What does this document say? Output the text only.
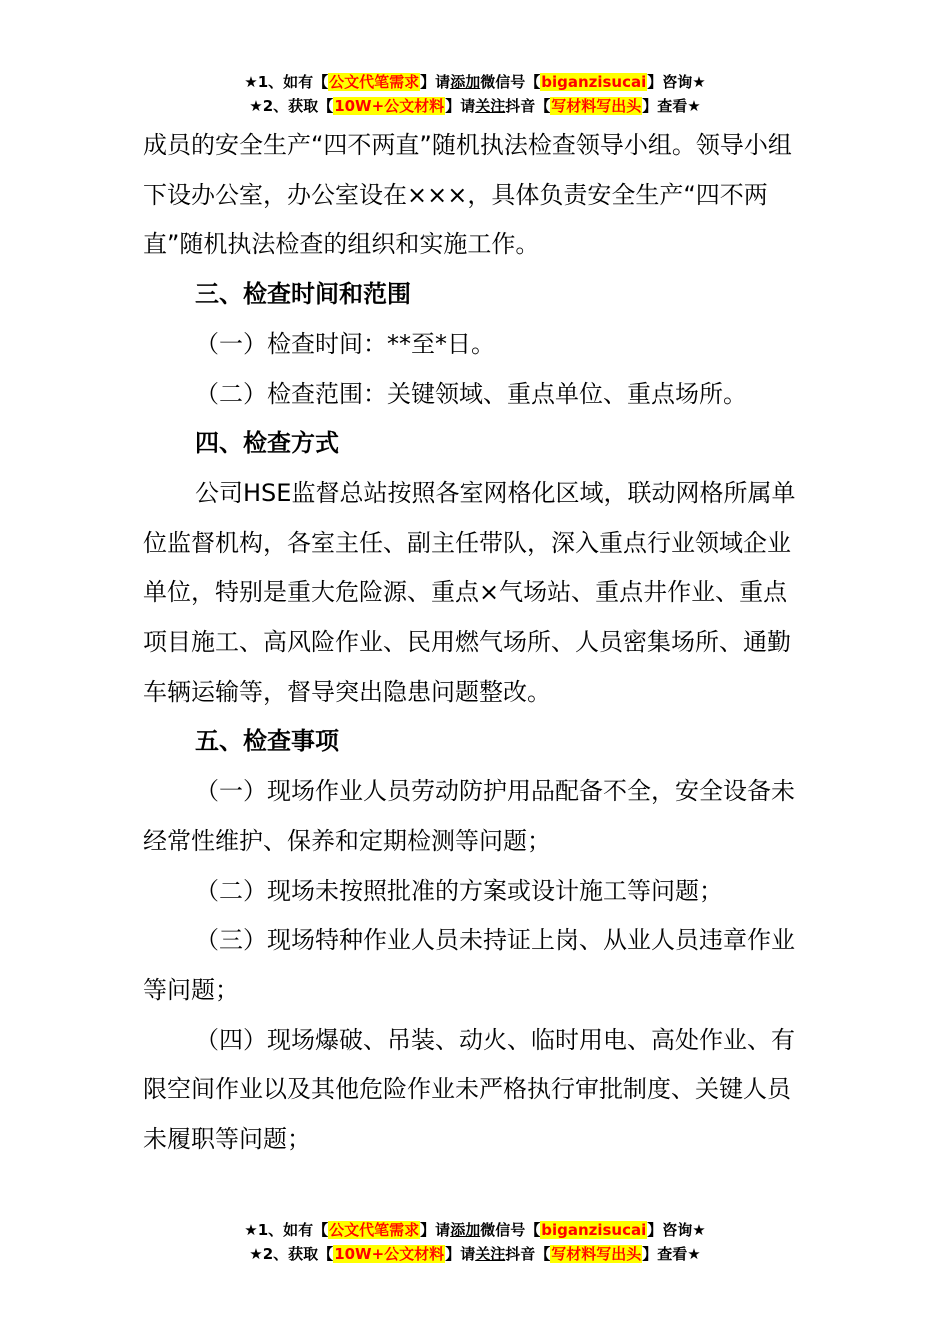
★1、如有【公文代笔需求】请添加微信号【biganzisucai】咨询★
★2、获取【10W+公文材料】请关注抖音【写材料写出头】查看★

成员的安全生产“四不两直”随机执法检查领导小组。领导小组下设办公室，办公室设在×××，具体负责安全生产“四不两直”随机执法检查的组织和实施工作。

三、检查时间和范围

（一）检查时间：**至*日。

（二）检查范围：关键领域、重点单位、重点场所。

四、检查方式

公司HSE监督总站按照各室网格化区域，联动网格所属单位监督机构，各室主任、副主任带队，深入重点行业领域企业单位，特别是重大危险源、重点×气场站、重点井作业、重点项目施工、高风险作业、民用燃气场所、人员密集场所、通勤车辆运输等，督导突出隐患问题整改。

五、检查事项

（一）现场作业人员劳动防护用品配备不全，安全设备未经常性维护、保养和定期检测等问题；

（二）现场未按照批准的方案或设计施工等问题；

（三）现场特种作业人员未持证上岗、从业人员违章作业等问题；

（四）现场爆破、吊装、动火、临时用电、高处作业、有限空间作业以及其他危险作业未严格执行审批制度、关键人员未履职等问题；

★1、如有【公文代笔需求】请添加微信号【biganzisucai】咨询★
★2、获取【10W+公文材料】请关注抖音【写材料写出头】查看★
